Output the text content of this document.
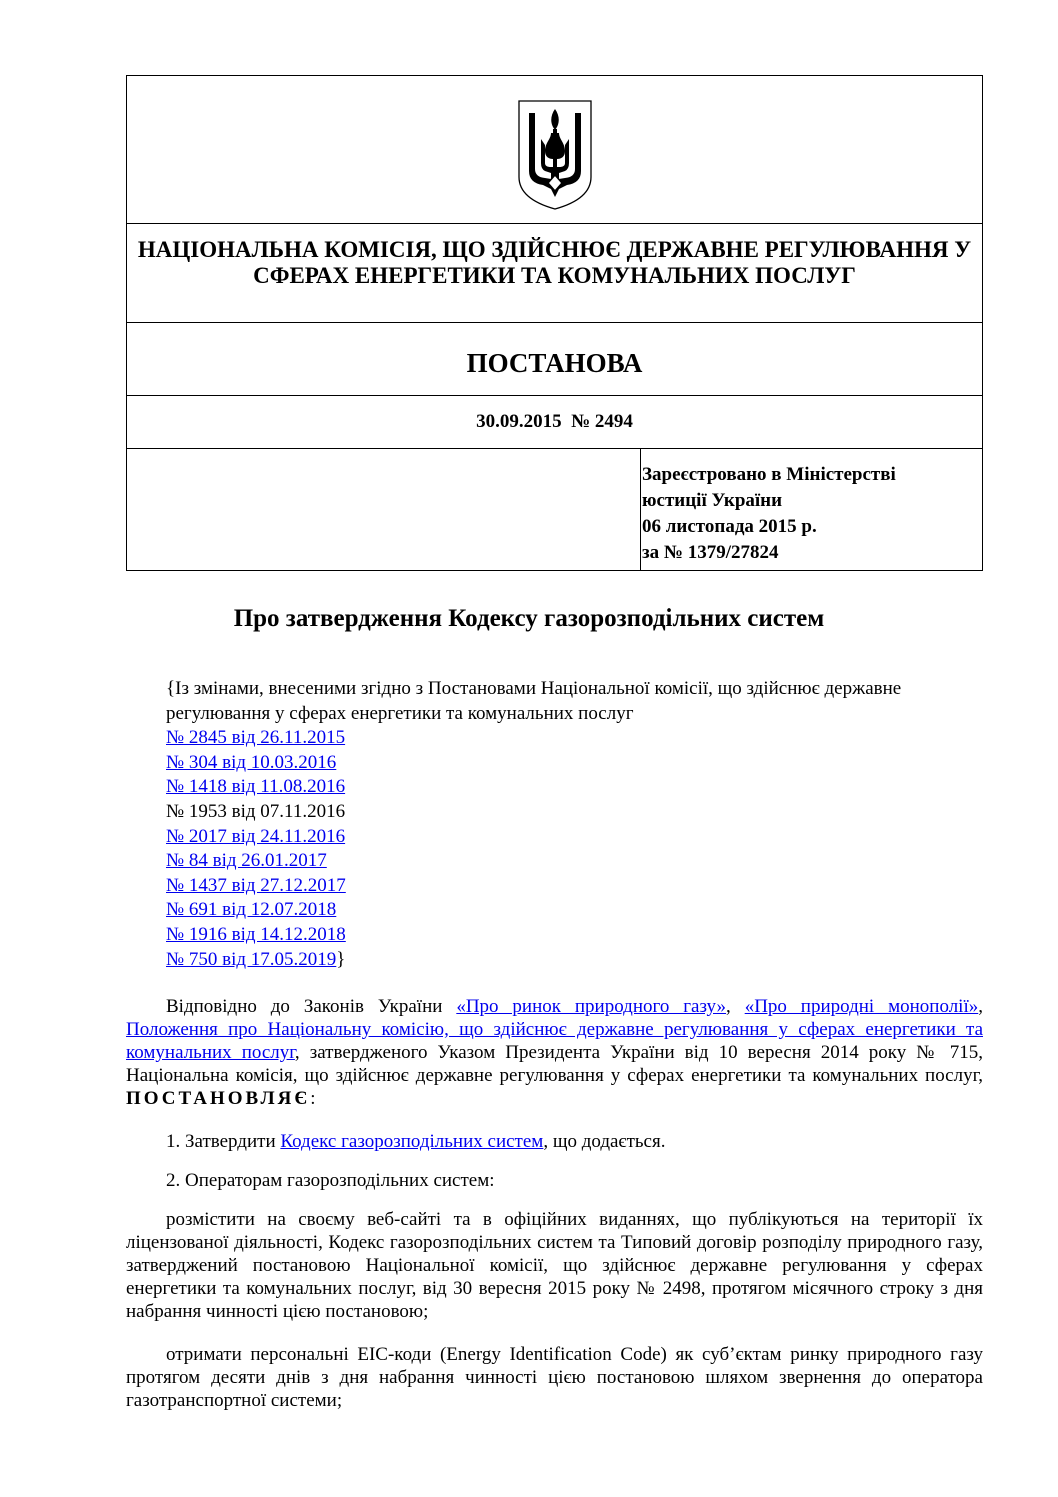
НАЦІОНАЛЬНА КОМІСІЯ, ЩО ЗДІЙСНЮЄ ДЕРЖАВНЕ РЕГУЛЮВАННЯ У СФЕРАХ ЕНЕРГЕТИКИ ТА КОМУНАЛЬНИХ ПОСЛУГ
ПОСТАНОВА
30.09.2015  № 2494
Зареєстровано в Міністерстві
юстиції України
06 листопада 2015 р.
за № 1379/27824
Про затвердження Кодексу газорозподільних систем
{Із змінами, внесеними згідно з Постановами Національної комісії, що здійснює державне регулювання у сферах енергетики та комунальних послуг
№ 2845 від 26.11.2015
№ 304 від 10.03.2016
№ 1418 від 11.08.2016
№ 1953 від 07.11.2016
№ 2017 від 24.11.2016
№ 84 від 26.01.2017
№ 1437 від 27.12.2017
№ 691 від 12.07.2018
№ 1916 від 14.12.2018
№ 750 від 17.05.2019}

Відповідно до Законів України «Про ринок природного газу», «Про природні монополії», Положення про Національну комісію, що здійснює державне регулювання у сферах енергетики та комунальних послуг, затвердженого Указом Президента України від 10 вересня 2014 року № 715, Національна комісія, що здійснює державне регулювання у сферах енергетики та комунальних послуг, ПОСТАНОВЛЯЄ:

1. Затвердити Кодекс газорозподільних систем, що додається.

2. Операторам газорозподільних систем:

розмістити на своєму веб-сайті та в офіційних виданнях, що публікуються на території їх ліцензованої діяльності, Кодекс газорозподільних систем та Типовий договір розподілу природного газу, затверджений постановою Національної комісії, що здійснює державне регулювання у сферах енергетики та комунальних послуг, від 30 вересня 2015 року № 2498, протягом місячного строку з дня набрання чинності цією постановою;

отримати персональні EIC-коди (Energy Identification Code) як суб’єктам ринку природного газу протягом десяти днів з дня набрання чинності цією постановою шляхом звернення до оператора газотранспортної системи;
